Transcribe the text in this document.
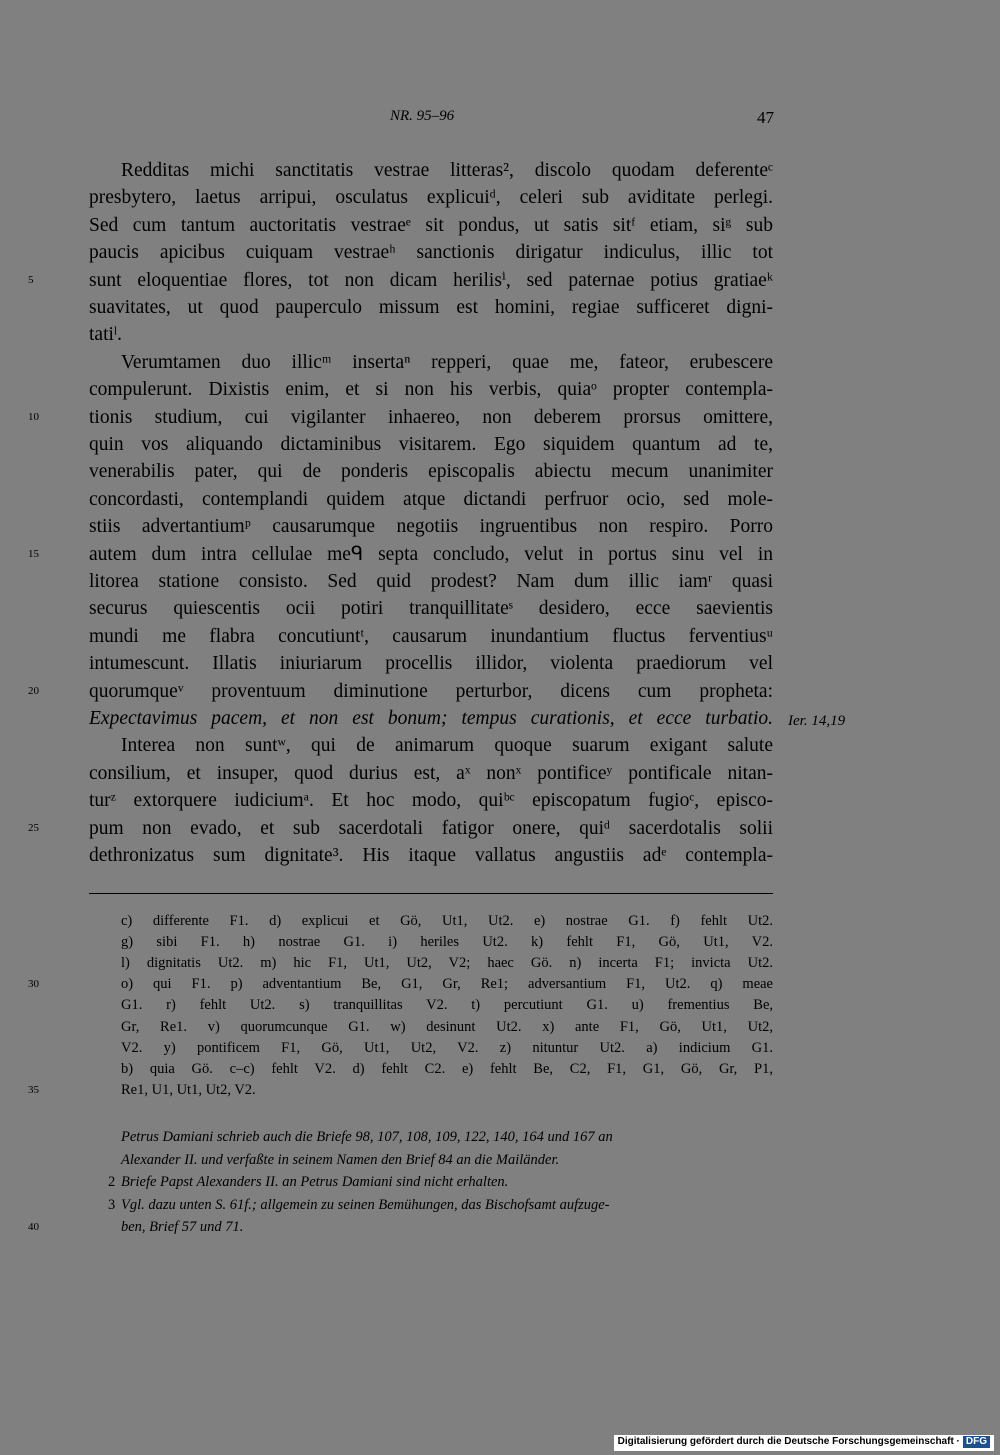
NR. 95–96	47
Redditas michi sanctitatis vestrae litteras², discolo quodam deferenteᶜ
presbytero, laetus arripui, osculatus explicuiᵈ, celeri sub aviditate perlegi.
Sed cum tantum auctoritatis vestraeᵉ sit pondus, ut satis sitᶠ etiam, siᵍ sub
paucis apicibus cuiquam vestraeʰ sanctionis dirigatur indiculus, illic tot
sunt eloquentiae flores, tot non dicam herilisⁱ, sed paternae potius gratiaeᵏ
5
suavitates, ut quod pauperculo missum est homini, regiae sufficeret digni-
tatiˡ.
Verumtamen duo illicᵐ insertaⁿ repperi, quae me, fateor, erubescere
compulerunt. Dixistis enim, et si non his verbis, quiaᵒ propter contempla-
tionis studium, cui vigilanter inhaereo, non deberem prorsus omittere,
10
quin vos aliquando dictaminibus visitarem. Ego siquidem quantum ad te,
venerabilis pater, qui de ponderis episcopalis abiectu mecum unanimiter
concordasti, contemplandi quidem atque dictandi perfruor ocio, sed mole-
stiis advertantiumᵖ causarumque negotiis ingruentibus non respiro. Porro
autem dum intra cellulae meᑫ septa concludo, velut in portus sinu vel in
15
litorea statione consisto. Sed quid prodest? Nam dum illic iamʳ quasi
securus quiescentis ocii potiri tranquillitateˢ desidero, ecce saevientis
mundi me flabra concutiuntᵗ, causarum inundantium fluctus ferventiusᵘ
intumescunt. Illatis iniuriarum procellis illidor, violenta praediorum vel
quorumqueᵛ proventuum diminutione perturbor, dicens cum propheta:
20
Expectavimus pacem, et non est bonum; tempus curationis, et ecce turbatio.
Interea non suntʷ, qui de animarum quoque suarum exigant salute
consilium, et insuper, quod durius est, aˣ nonˣ pontificeʸ pontificale nitan-
turᶻ extorquere iudiciumᵃ. Et hoc modo, quiᵇᶜ episcopatum fugioᶜ, episco-
pum non evado, et sub sacerdotali fatigor onere, quiᵈ sacerdotalis solii
25
dethronizatus sum dignitate³. His itaque vallatus angustiis adᵉ contempla-
Ier. 14,19
c) differente F1. d) explicui et Gö, Ut1, Ut2. e) nostrae G1. f) fehlt Ut2.
g) sibi F1. h) nostrae G1. i) heriles Ut2. k) fehlt F1, Gö, Ut1, V2.
l) dignitatis Ut2. m) hic F1, Ut1, Ut2, V2; haec Gö. n) incerta F1; invicta Ut2.
o) qui F1. p) adventantium Be, G1, Gr, Re1; adversantium F1, Ut2. q) meae
30
G1. r) fehlt Ut2. s) tranquillitas V2. t) percutiunt G1. u) frementius Be,
Gr, Re1. v) quorumcunque G1. w) desinunt Ut2. x) ante F1, Gö, Ut1, Ut2,
V2. y) pontificem F1, Gö, Ut1, Ut2, V2. z) nituntur Ut2. a) indicium G1.
b) quia Gö. c–c) fehlt V2. d) fehlt C2. e) fehlt Be, C2, F1, G1, Gö, Gr, P1,
Re1, U1, Ut1, Ut2, V2.
35
Petrus Damiani schrieb auch die Briefe 98, 107, 108, 109, 122, 140, 164 und 167 an
Alexander II. und verfaßte in seinem Namen den Brief 84 an die Mailänder.
Briefe Papst Alexanders II. an Petrus Damiani sind nicht erhalten.
2
Vgl. dazu unten S. 61f.; allgemein zu seinen Bemühungen, das Bischofsamt aufzuge-
3
ben, Brief 57 und 71.
40
Digitalisierung gefördert durch die Deutsche Forschungsgemeinschaft · DFG
